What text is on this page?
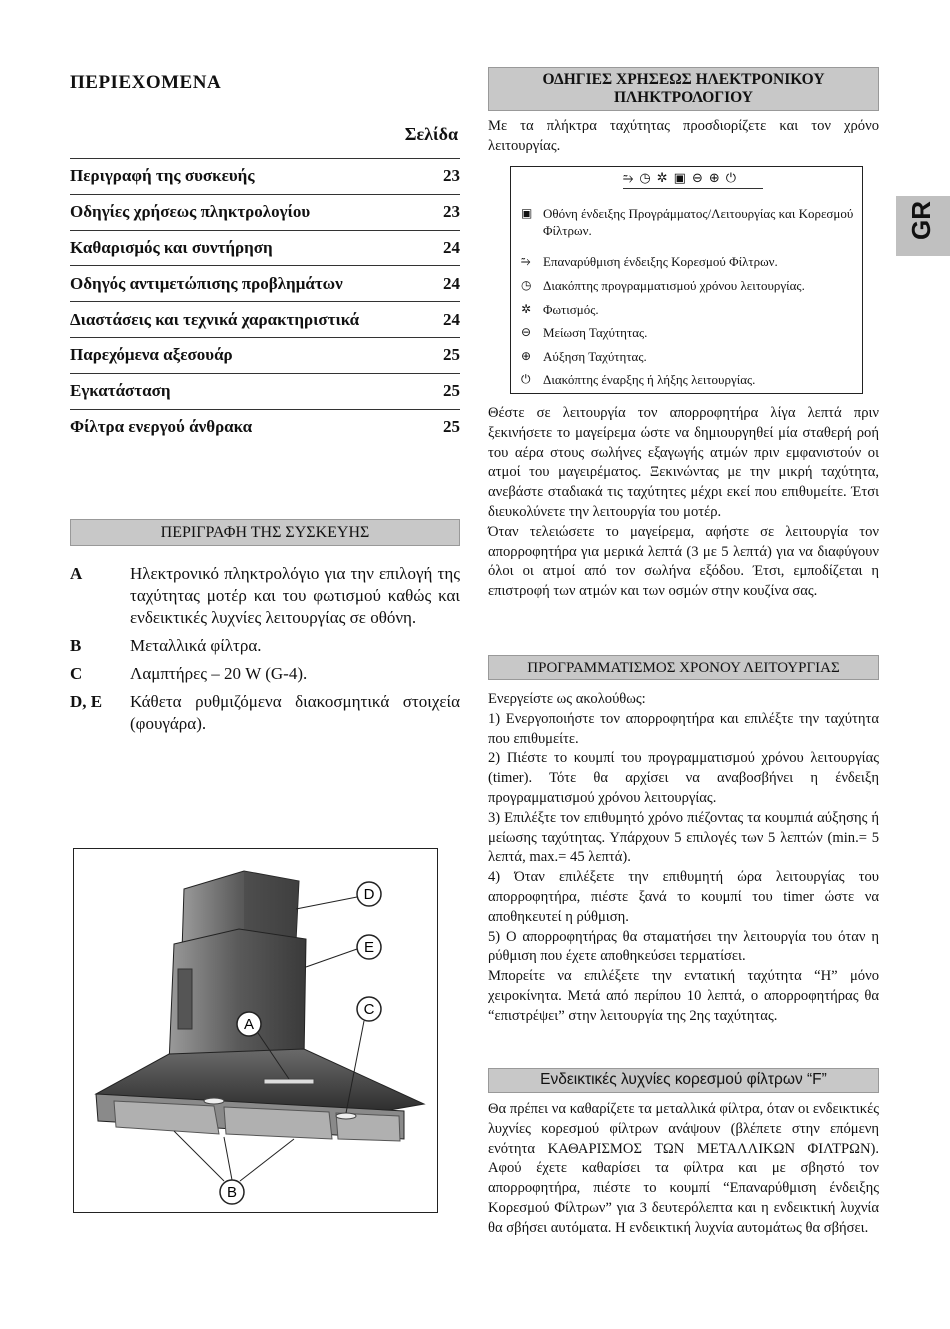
ΠΕΡΙΕΧΟΜΕΝΑ
Σελίδα
Περιγραφή της συσκευής	23
Οδηγίες χρήσεως πληκτρολογίου	23
Καθαρισμός και συντήρηση	24
Οδηγός αντιμετώπισης προβλημάτων	24
Διαστάσεις και τεχνικά χαρακτηριστικά	24
Παρεχόμενα αξεσουάρ	25
Εγκατάσταση	25
Φίλτρα ενεργού άνθρακα	25
ΠΕΡΙΓΡΑΦΗ ΤΗΣ ΣΥΣΚΕΥΗΣ
A	Ηλεκτρονικό πληκτρολόγιο για την επιλογή της ταχύτητας μοτέρ και του φωτισμού καθώς και ενδεικτικές λυχνίες λειτουργίας σε οθόνη.
B	Μεταλλικά φίλτρα.
C	Λαμπτήρες – 20 W (G-4).
D, E	Κάθετα ρυθμιζόμενα διακοσμητικά στοιχεία (φουγάρα).
D
E
C
A
B
ΟΔΗΓΙΕΣ ΧΡΗΣΕΩΣ ΗΛΕΚΤΡΟΝΙΚΟΥ
ΠΛΗΚΤΡΟΛΟΓΙΟΥ
Με τα πλήκτρα ταχύτητας προσδιορίζετε και τον χρόνο λειτουργίας.
⥲ ◷ ✲ ▣ ⊖ ⊕ ⏻
▣ Οθόνη ένδειξης Προγράμματος/Λειτουργίας και Κορεσμού Φίλτρων.
⥲ Επαναρύθμιση ένδειξης Κορεσμού Φίλτρων.
◷ Διακόπτης προγραμματισμού χρόνου λειτουργίας.
✲ Φωτισμός.
⊖ Μείωση Ταχύτητας.
⊕ Αύξηση Ταχύτητας.
⏻ Διακόπτης έναρξης ή λήξης λειτουργίας.

Θέστε σε λειτουργία τον απορροφητήρα λίγα λεπτά πριν ξεκινήσετε το μαγείρεμα ώστε να δημιουργηθεί μία σταθερή ροή του αέρα στους σωλήνες εξαγωγής ατμών πριν εμφανιστούν οι ατμοί του μαγειρέματος. Ξεκινώντας με την μικρή ταχύτητα, ανεβάστε σταδιακά τις ταχύτητες μέχρι εκεί που επιθυμείτε. Έτσι διευκολύνετε την λειτουργία του μοτέρ.

Όταν τελειώσετε το μαγείρεμα, αφήστε σε λειτουργία τον απορροφητήρα για μερικά λεπτά (3 με 5 λεπτά) για να διαφύγουν όλοι οι ατμοί από τον σωλήνα εξόδου. Έτσι, εμποδίζεται η επιστροφή των ατμών και των οσμών στην κουζίνα σας.

ΠΡΟΓΡΑΜΜΑΤΙΣΜΟΣ ΧΡΟΝΟΥ ΛΕΙΤΟΥΡΓΙΑΣ

Ενεργείστε ως ακολούθως:

1) Ενεργοποιήστε τον απορροφητήρα και επιλέξτε την ταχύτητα που επιθυμείτε.

2) Πιέστε το κουμπί του προγραμματισμού χρόνου λειτουργίας (timer). Τότε θα αρχίσει να αναβοσβήνει η ένδειξη προγραμματισμού χρόνου λειτουργίας.

3) Επιλέξτε τον επιθυμητό χρόνο πιέζοντας τα κουμπιά αύξησης ή μείωσης ταχύτητας. Υπάρχουν 5 επιλογές των 5 λεπτών (min.= 5 λεπτά, max.= 45 λεπτά).

4) Όταν επιλέξετε την επιθυμητή ώρα λειτουργίας του απορροφητήρα, πιέστε ξανά το κουμπί του timer ώστε να αποθηκευτεί η ρύθμιση.

5) Ο απορροφητήρας θα σταματήσει την λειτουργία του όταν η ρύθμιση που έχετε αποθηκεύσει τερματίσει.

Μπορείτε να επιλέξετε την εντατική ταχύτητα “H” μόνο χειροκίνητα. Μετά από περίπου 10 λεπτά, ο απορροφητήρας θα “επιστρέψει” στην λειτουργία της 2ης ταχύτητας.

Ενδεικτικές λυχνίες κορεσμού φίλτρων “F”
Θα πρέπει να καθαρίζετε τα μεταλλικά φίλτρα, όταν οι ενδεικτικές λυχνίες κορεσμού φίλτρων ανάψουν (βλέπετε στην επόμενη ενότητα ΚΑΘΑΡΙΣΜΟΣ ΤΩΝ ΜΕΤΑΛΛΙΚΩΝ ΦΙΛΤΡΩΝ). Αφού έχετε καθαρίσει τα φίλτρα και με σβηστό τον απορροφητήρα, πιέστε το κουμπί “Επαναρύθμιση ένδειξης Κορεσμού Φίλτρων” για 3 δευτερόλεπτα και η ενδεικτική λυχνία θα σβήσει αυτόματα. Η ενδεικτική λυχνία αυτομάτως θα σβήσει.
GR
